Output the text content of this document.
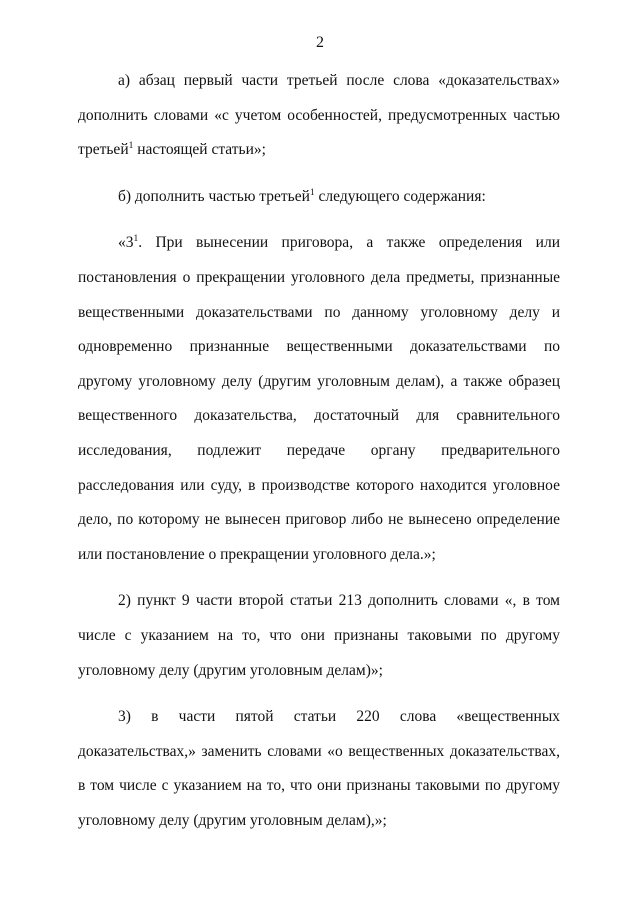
2

а) абзац первый части третьей после слова «доказательствах» дополнить словами «с учетом особенностей, предусмотренных частью третьей$^1$ настоящей статьи»;

б) дополнить частью третьей$^1$ следующего содержания:

«$3^1$. При вынесении приговора, а также определения или постановления о прекращении уголовного дела предметы, признанные вещественными доказательствами по данному уголовному делу и одновременно признанные вещественными доказательствами по другому уголовному делу (другим уголовным делам), а также образец вещественного доказательства, достаточный для сравнительного исследования, подлежит передаче органу предварительного расследования или суду, в производстве которого находится уголовное дело, по которому не вынесен приговор либо не вынесено определение или постановление о прекращении уголовного дела.»;

2) пункт 9 части второй статьи 213 дополнить словами «, в том числе с указанием на то, что они признаны таковыми по другому уголовному делу (другим уголовным делам)»;

3) в части пятой статьи 220 слова «вещественных доказательствах,» заменить словами «о вещественных доказательствах, в том числе с указанием на то, что они признаны таковыми по другому уголовному делу (другим уголовным делам),»;
